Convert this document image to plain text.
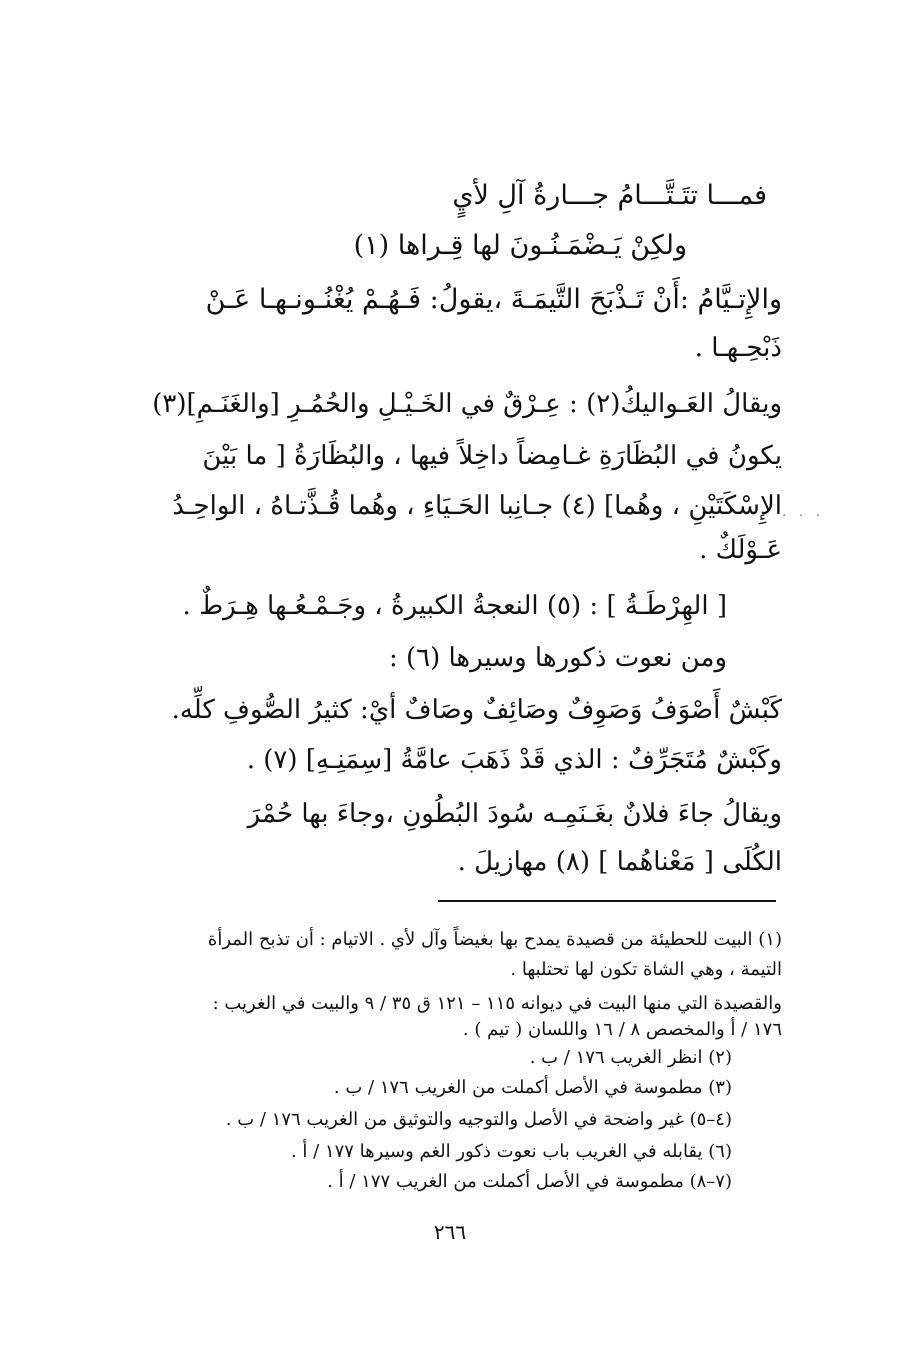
فمـــا تتَـتَّـــامُ جـــارةُ آلِ لأيٍ
ولكِنْ يَـضْمَـنُـونَ لها قِـراها (١)
والإِتـيَّامُ :أَنْ تَـذْبَحَ التَّيمَـةَ ،يقولُ: فَـهُـمْ يُغْنُـونـهـا عَـنْ
ذَبْحِـهـا .
ويقالُ العَـواليكُ(٢) : عِـرْقٌ في الخَـيْـلِ والحُمُـرِ [والغَنَـمِ](٣)
يكونُ في البُظَارَةِ غـامِضاً داخِلاً فيها ، والبُظَارَةُ [ ما بَيْنَ
الإِسْكَتَيْنِ ، وهُما] (٤) جـانِبا الحَـيَاءِ ، وهُما قُـذَّتـاهُ ، الواحِـدُ
عَـوْلَكٌ .
· · ·
[ الهِرْطَـةُ ] : (٥) النعجةُ الكبيرةُ ، وجَـمْـعُـها هِـرَطٌ .
ومن نعوت ذكورها وسيرها (٦) :
كَبْشٌ أَصْوَفُ وَصَوِفٌ وصَائِفٌ وصَافٌ أيْ: كثيرُ الصُّوفِ كلِّه.
وكَبْشٌ مُتَجَرِّفٌ : الذي قَدْ ذَهَبَ عامَّةُ [سِمَنِـهِ] (٧) .
ويقالُ جاءَ فلانٌ بغَـنَمِـه سُودَ البُطُونِ ،وجاءَ بها حُمْرَ
الكُلَى [ مَعْناهُما ] (٨) مهازيلَ .
(١) البيت للحطيئة من قصيدة يمدح بها بغيضاً وآل لأي . الاتيام : أن تذبح المرأة
التيمة ، وهي الشاة تكون لها تحتلبها .
والقصيدة التي منها البيت في ديوانه ١١٥ – ١٢١ ق ٣٥ / ٩ والبيت في الغريب :
١٧٦ / أ والمخصص ٨ / ١٦ واللسان ( تيم ) .
(٢) انظر الغريب ١٧٦ / ب .
(٣) مطموسة في الأصل أكملت من الغريب ١٧٦ / ب .
(٤–٥) غير واضحة في الأصل والتوجيه والتوثيق من الغريب ١٧٦ / ب .
(٦) يقابله في الغريب باب نعوت ذكور الغم وسيرها ١٧٧ / أ .
(٧–٨) مطموسة في الأصل أكملت من الغريب ١٧٧ / أ .
٢٦٦
